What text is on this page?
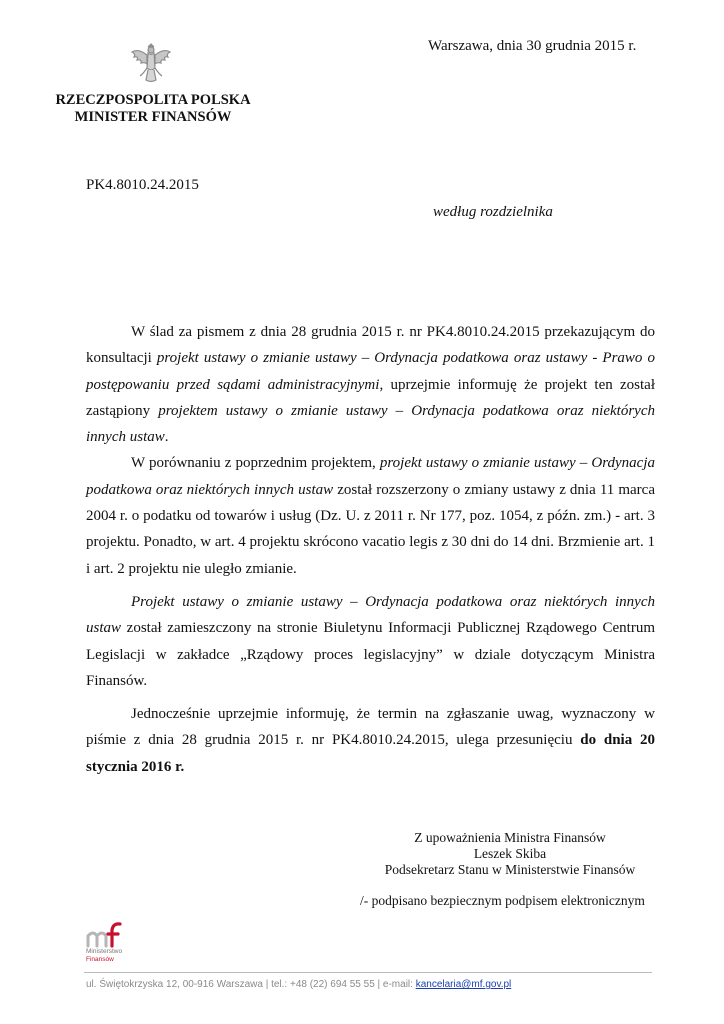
Warszawa, dnia 30 grudnia 2015 r.
RZECZPOSPOLITA POLSKA
MINISTER FINANSÓW
PK4.8010.24.2015
według rozdzielnika

W ślad za pismem z dnia 28 grudnia 2015 r. nr PK4.8010.24.2015 przekazującym do konsultacji projekt ustawy o zmianie ustawy – Ordynacja podatkowa oraz ustawy - Prawo o postępowaniu przed sądami administracyjnymi, uprzejmie informuję że projekt ten został zastąpiony projektem ustawy o zmianie ustawy – Ordynacja podatkowa oraz niektórych innych ustaw.

W porównaniu z poprzednim projektem, projekt ustawy o zmianie ustawy – Ordynacja podatkowa oraz niektórych innych ustaw został rozszerzony o zmiany ustawy z dnia 11 marca 2004 r. o podatku od towarów i usług (Dz. U. z 2011 r. Nr 177, poz. 1054, z późn. zm.) - art. 3 projektu. Ponadto, w art. 4 projektu skrócono vacatio legis z 30 dni do 14 dni. Brzmienie art. 1 i art. 2 projektu nie uległo zmianie.

Projekt ustawy o zmianie ustawy – Ordynacja podatkowa oraz niektórych innych ustaw został zamieszczony na stronie Biuletynu Informacji Publicznej Rządowego Centrum Legislacji w zakładce „Rządowy proces legislacyjny” w dziale dotyczącym Ministra Finansów.

Jednocześnie uprzejmie informuję, że termin na zgłaszanie uwag, wyznaczony w piśmie z dnia 28 grudnia 2015 r. nr PK4.8010.24.2015, ulega przesunięciu do dnia 20 stycznia 2016 r.

Z upoważnienia Ministra Finansów
Leszek Skiba
Podsekretarz Stanu w Ministerstwie Finansów
/- podpisano bezpiecznym podpisem elektronicznym
Ministerstwo
Finansów
ul. Świętokrzyska 12, 00-916 Warszawa | tel.: +48 (22) 694 55 55 | e-mail: kancelaria@mf.gov.pl
